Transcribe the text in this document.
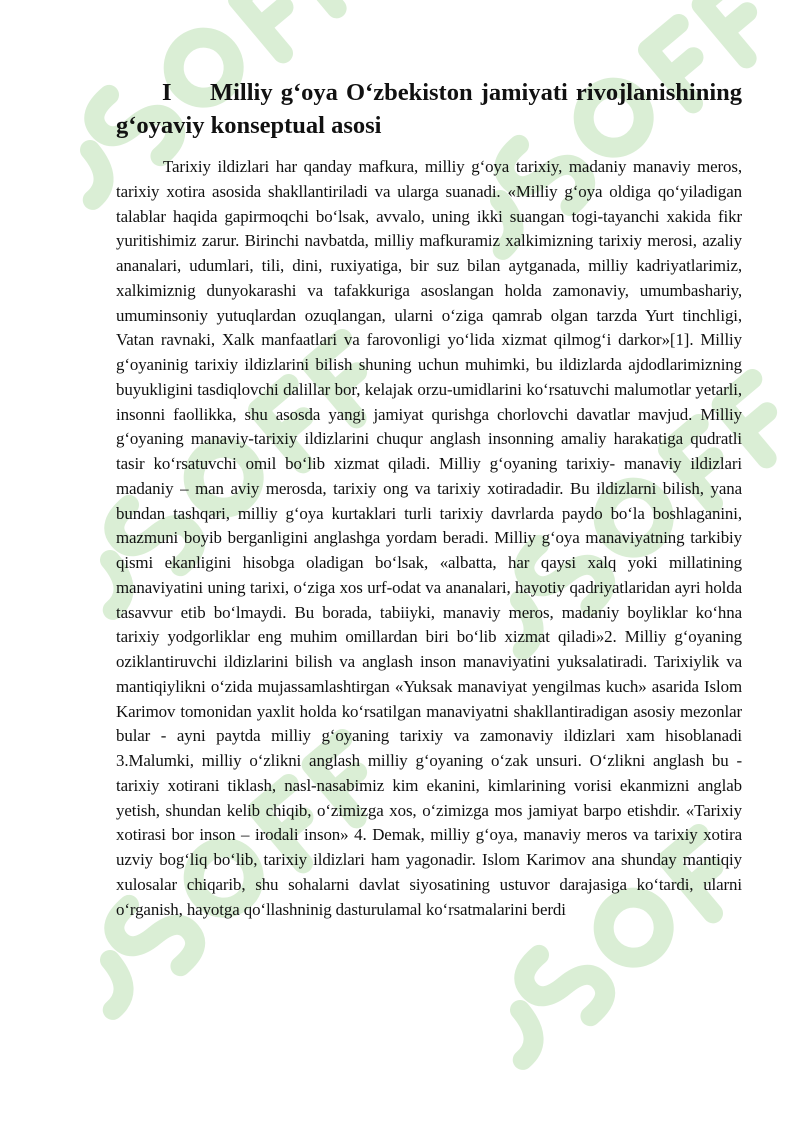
I Milliy g‘oya O‘zbekiston jamiyati rivojlanishining g‘oyaviy konseptual asosi

Tarixiy ildizlari har qanday mafkura, milliy g‘oya tarixiy, madaniy manaviy meros, tarixiy xotira asosida shakllantiriladi va ularga suanadi. «Milliy g‘oya oldiga qo‘yiladigan talablar haqida gapirmoqchi bo‘lsak, avvalo, uning ikki suangan togi-tayanchi xakida fikr yuritishimiz zarur. Birinchi navbatda, milliy mafkuramiz xalkimizning tarixiy merosi, azaliy ananalari, udumlari, tili, dini, ruxiyatiga, bir suz bilan aytganada, milliy kadriyatlarimiz, xalkimiznig dunyokarashi va tafakkuriga asoslangan holda zamonaviy, umumbashariy, umuminsoniy yutuqlardan ozuqlangan, ularni o‘ziga qamrab olgan tarzda Yurt tinchligi, Vatan ravnaki, Xalk manfaatlari va farovonligi yo‘lida xizmat qilmog‘i darkor»[1]. Milliy g‘oyaninig tarixiy ildizlarini bilish shuning uchun muhimki, bu ildizlarda ajdodlarimizning buyukligini tasdiqlovchi dalillar bor, kelajak orzu-umidlarini ko‘rsatuvchi malumotlar yetarli, insonni faollikka, shu asosda yangi jamiyat qurishga chorlovchi davatlar mavjud. Milliy g‘oyaning manaviy-tarixiy ildizlarini chuqur anglash insonning amaliy harakatiga qudratli tasir ko‘rsatuvchi omil bo‘lib xizmat qiladi. Milliy g‘oyaning tarixiy- manaviy ildizlari madaniy – man aviy merosda, tarixiy ong va tarixiy xotiradadir. Bu ildizlarni bilish, yana bundan tashqari, milliy g‘oya kurtaklari turli tarixiy davrlarda paydo bo‘la boshlaganini, mazmuni boyib berganligini anglashga yordam beradi. Milliy g‘oya manaviyatning tarkibiy qismi ekanligini hisobga oladigan bo‘lsak, «albatta, har qaysi xalq yoki millatining manaviyatini uning tarixi, o‘ziga xos urf-odat va ananalari, hayotiy qadriyatlaridan ayri holda tasavvur etib bo‘lmaydi. Bu borada, tabiiyki, manaviy meros, madaniy boyliklar ko‘hna tarixiy yodgorliklar eng muhim omillardan biri bo‘lib xizmat qiladi»2. Milliy g‘oyaning oziklantiruvchi ildizlarini bilish va anglash inson manaviyatini yuksalatiradi. Tarixiylik va mantiqiylikni o‘zida mujassamlashtirgan «Yuksak manaviyat yengilmas kuch» asarida Islom Karimov tomonidan yaxlit holda ko‘rsatilgan manaviyatni shakllantiradigan asosiy mezonlar bular - ayni paytda milliy g‘oyaning tarixiy va zamonaviy ildizlari xam hisoblanadi 3.Malumki, milliy o‘zlikni anglash milliy g‘oyaning o‘zak unsuri. O‘zlikni anglash bu - tarixiy xotirani tiklash, nasl-nasabimiz kim ekanini, kimlarining vorisi ekanmizni anglab yetish, shundan kelib chiqib, o‘zimizga xos, o‘zimizga mos jamiyat barpo etishdir. «Tarixiy xotirasi bor inson – irodali inson» 4. Demak, milliy g‘oya, manaviy meros va tarixiy xotira uzviy bog‘liq bo‘lib, tarixiy ildizlari ham yagonadir. Islom Karimov ana shunday mantiqiy xulosalar chiqarib, shu sohalarni davlat siyosatining ustuvor darajasiga ko‘tardi, ularni o‘rganish, hayotga qo‘llashninig dasturulamal ko‘rsatmalarini berdi
